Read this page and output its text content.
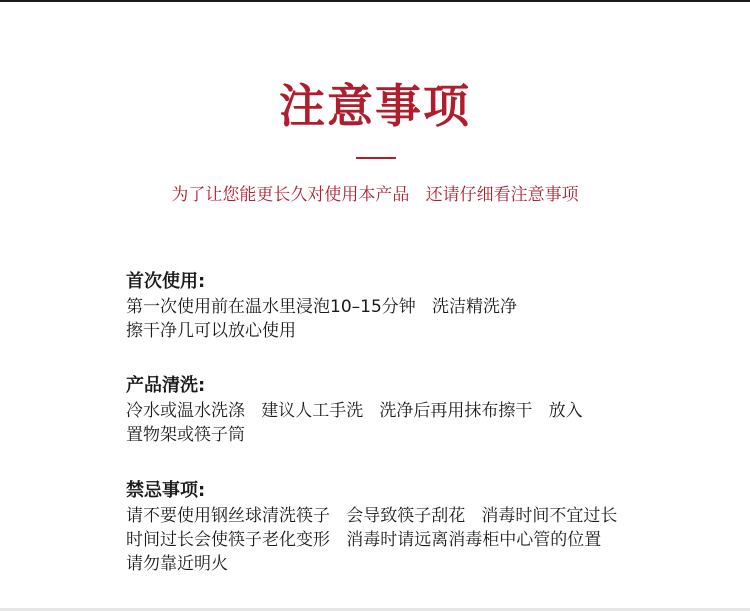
注意事项
为了让您能更长久对使用本产品   还请仔细看注意事项
首次使用:
第一次使用前在温水里浸泡10–15分钟   洗洁精洗净
擦干净几可以放心使用
产品清洗:
冷水或温水洗涤   建议人工手洗   洗净后再用抹布擦干   放入
置物架或筷子筒
禁忌事项:
请不要使用钢丝球清洗筷子   会导致筷子刮花   消毒时间不宜过长
时间过长会使筷子老化变形   消毒时请远离消毒柜中心管的位置
请勿靠近明火
